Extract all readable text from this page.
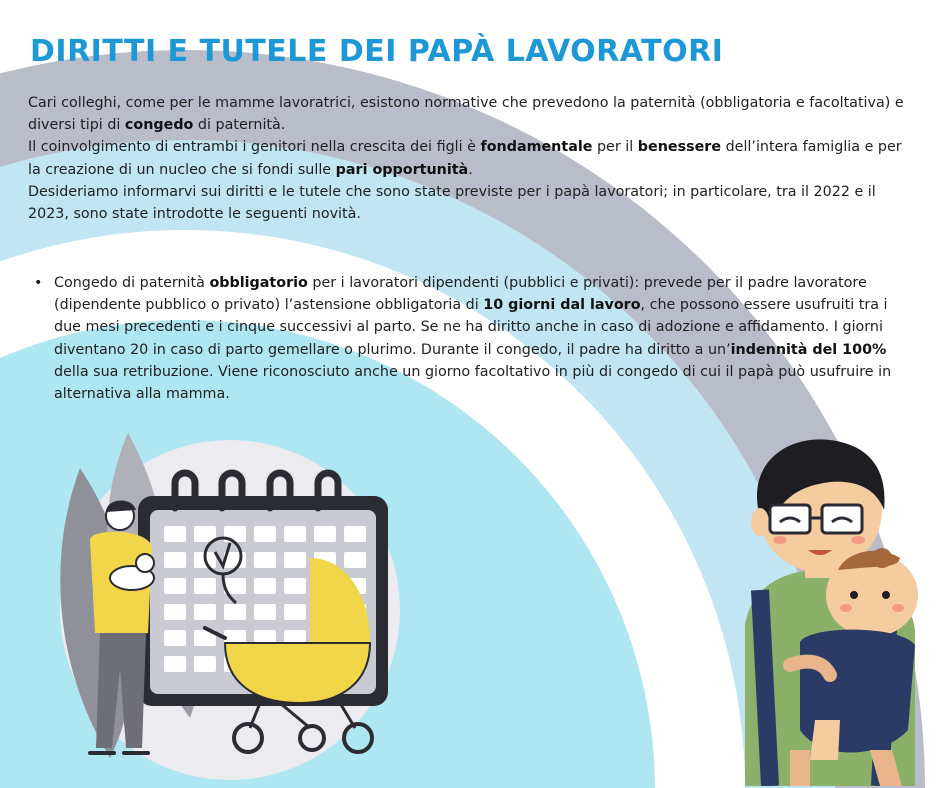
DIRITTI E TUTELE DEI PAPÀ LAVORATORI

Cari colleghi, come per le mamme lavoratrici, esistono normative che prevedono la paternità (obbligatoria e facoltativa) e diversi tipi di congedo di paternità.

Il coinvolgimento di entrambi i genitori nella crescita dei figli è fondamentale per il benessere dell’intera famiglia e per la creazione di un nucleo che si fondi sulle pari opportunità.

Desideriamo informarvi sui diritti e le tutele che sono state previste per i papà lavoratori; in particolare, tra il 2022 e il 2023, sono state introdotte le seguenti novità.

• Congedo di paternità obbligatorio per i lavoratori dipendenti (pubblici e privati): prevede per il padre lavoratore (dipendente pubblico o privato) l’astensione obbligatoria di 10 giorni dal lavoro, che possono essere usufruiti tra i due mesi precedenti e i cinque successivi al parto. Se ne ha diritto anche in caso di adozione e affidamento. I giorni diventano 20 in caso di parto gemellare o plurimo. Durante il congedo, il padre ha diritto a un’indennità del 100% della sua retribuzione. Viene riconosciuto anche un giorno facoltativo in più di congedo di cui il papà può usufruire in alternativa alla mamma.
